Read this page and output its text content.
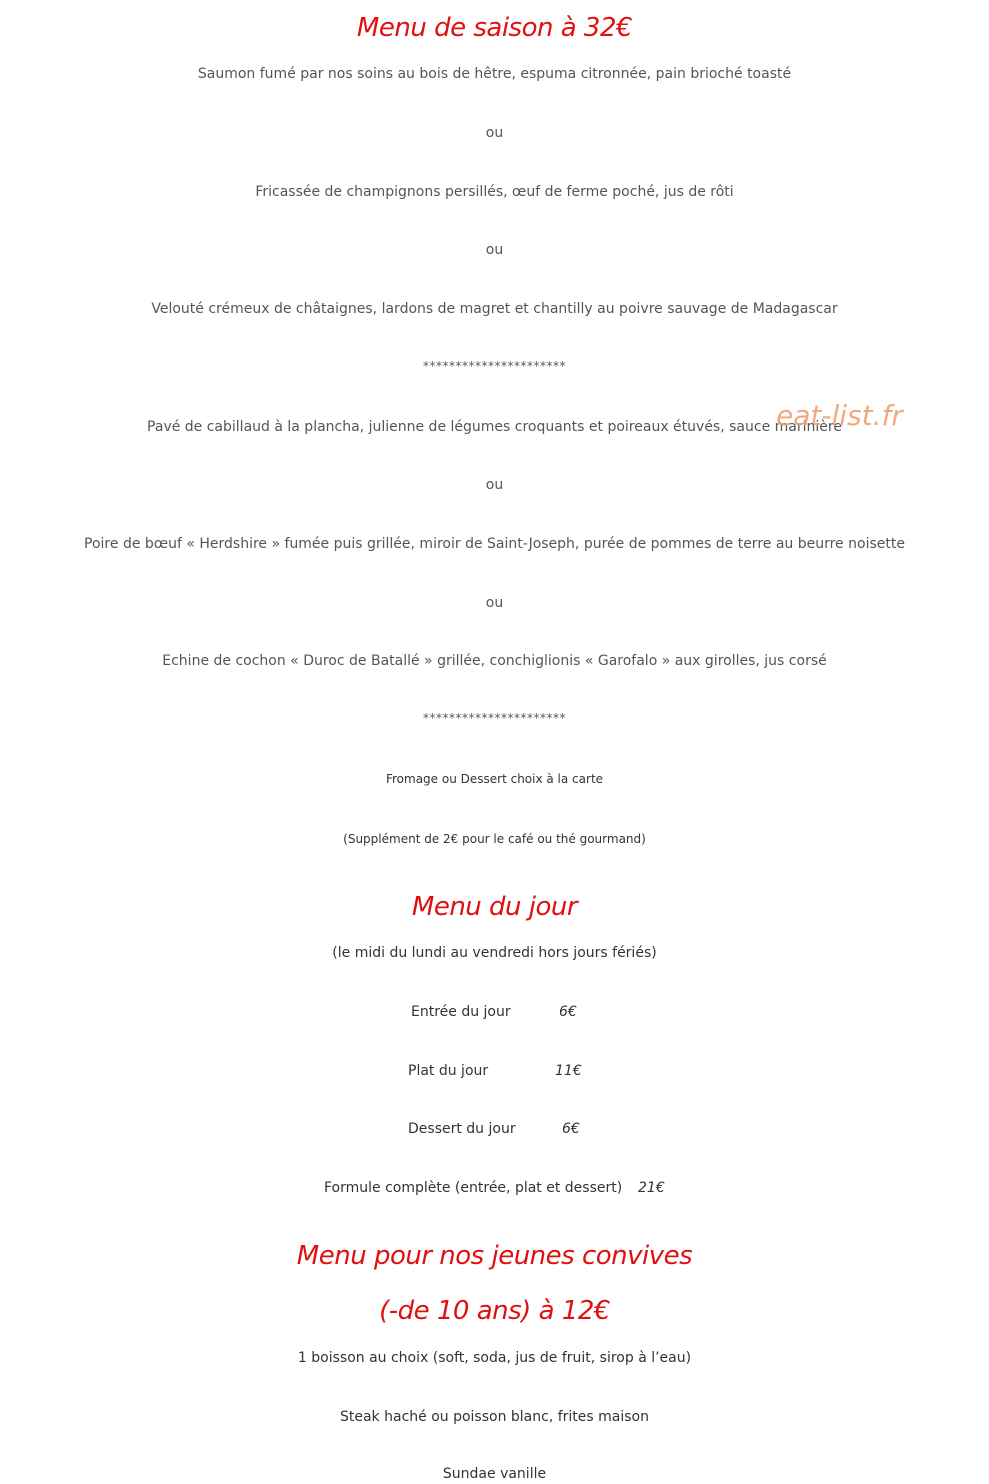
Menu de saison à 32€
Saumon fumé par nos soins au bois de hêtre, espuma citronnée, pain brioché toasté
ou
Fricassée de champignons persillés, œuf de ferme poché, jus de rôti
ou
Velouté crémeux de châtaignes, lardons de magret et chantilly au poivre sauvage de Madagascar
**********************
Pavé de cabillaud à la plancha, julienne de légumes croquants et poireaux étuvés, sauce marinière
ou
Poire de bœuf « Herdshire » fumée puis grillée, miroir de Saint-Joseph, purée de pommes de terre au beurre noisette
ou
Echine de cochon « Duroc de Batallé » grillée, conchiglionis « Garofalo » aux girolles, jus corsé
**********************
Fromage ou Dessert choix à la carte
(Supplément de 2€ pour le café ou thé gourmand)
Menu du jour
(le midi du lundi au vendredi hors jours fériés)
Entrée du jour	6€
Plat du jour	11€
Dessert du jour	6€
Formule complète (entrée, plat et dessert) 21€
Menu pour nos jeunes convives
(-de 10 ans) à 12€
1 boisson au choix (soft, soda, jus de fruit, sirop à l’eau)
Steak haché ou poisson blanc, frites maison
Sundae vanille
eat-list.fr
